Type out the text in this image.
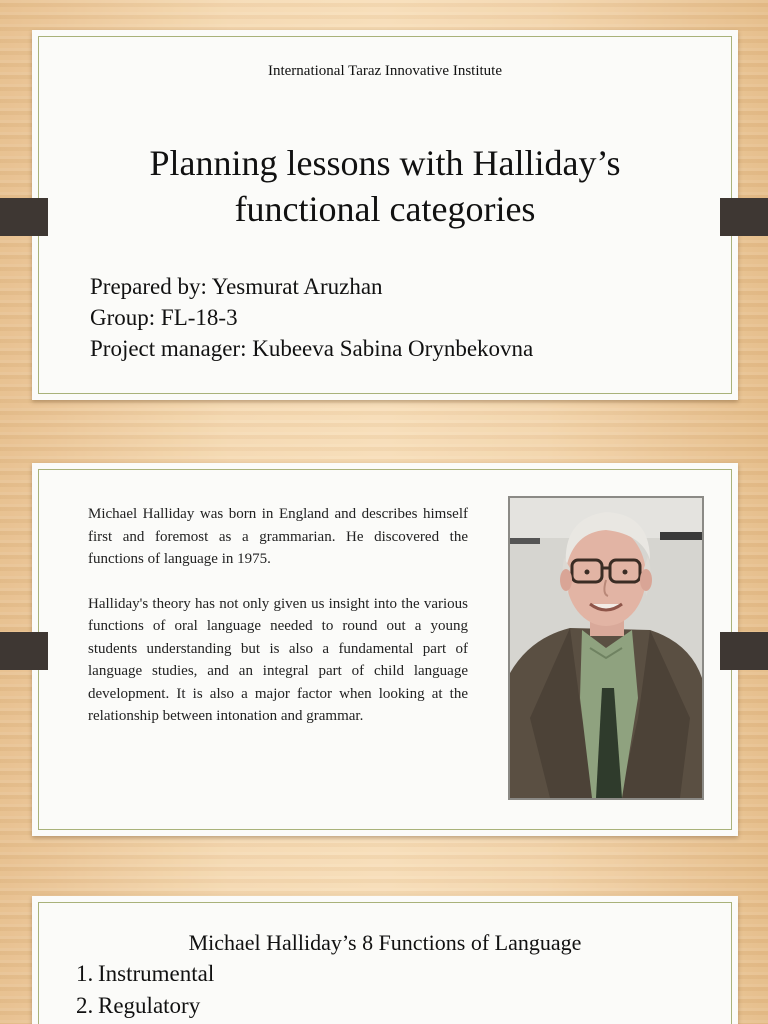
International Taraz Innovative Institute
Planning lessons with Halliday’s
functional categories
Prepared by: Yesmurat Aruzhan
Group: FL-18-3
Project manager: Kubeeva Sabina Orynbekovna

Michael Halliday was born in England and describes himself first and foremost as a grammarian. He discovered the functions of language in 1975.

Halliday's theory has not only given us insight into the various functions of oral language needed to round out a young students understanding but is also a fundamental part of language studies, and an integral part of child language development. It is also a major factor when looking at the relationship between intonation and grammar.

Michael Halliday’s 8 Functions of Language
1. Instrumental
2. Regulatory
